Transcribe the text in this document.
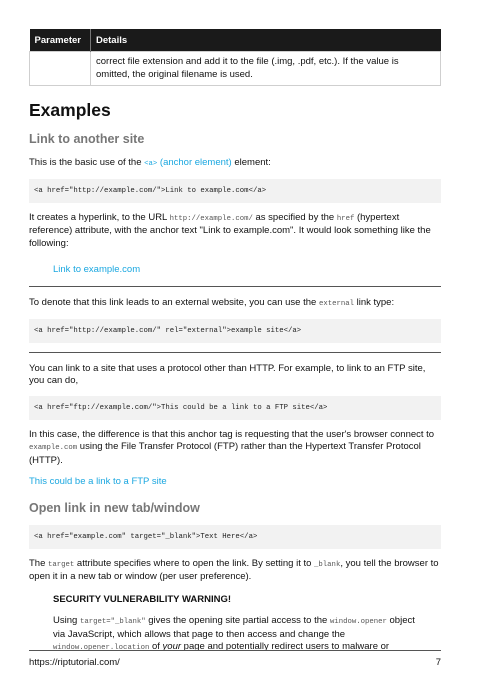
Parameter	Details
	correct file extension and add it to the file (.img, .pdf, etc.). If the value is
omitted, the original filename is used.
Examples
Link to another site

This is the basic use of the <a> (anchor element) element:

<a href="http://example.com/">Link to example.com</a>

It creates a hyperlink, to the URL http://example.com/ as specified by the href (hypertext
reference) attribute, with the anchor text "Link to example.com". It would look something like the
following:

Link to example.com

To denote that this link leads to an external website, you can use the external link type:

<a href="http://example.com/" rel="external">example site</a>

You can link to a site that uses a protocol other than HTTP. For example, to link to an FTP site,
you can do,

<a href="ftp://example.com/">This could be a link to a FTP site</a>

In this case, the difference is that this anchor tag is requesting that the user's browser connect to
example.com using the File Transfer Protocol (FTP) rather than the Hypertext Transfer Protocol
(HTTP).

This could be a link to a FTP site

Open link in new tab/window
<a href="example.com" target="_blank">Text Here</a>

The target attribute specifies where to open the link. By setting it to _blank, you tell the browser to
open it in a new tab or window (per user preference).

SECURITY VULNERABILITY WARNING!

Using target="_blank" gives the opening site partial access to the window.opener object
via JavaScript, which allows that page to then access and change the
window.opener.location of your page and potentially redirect users to malware or

https://riptutorial.com/	7
